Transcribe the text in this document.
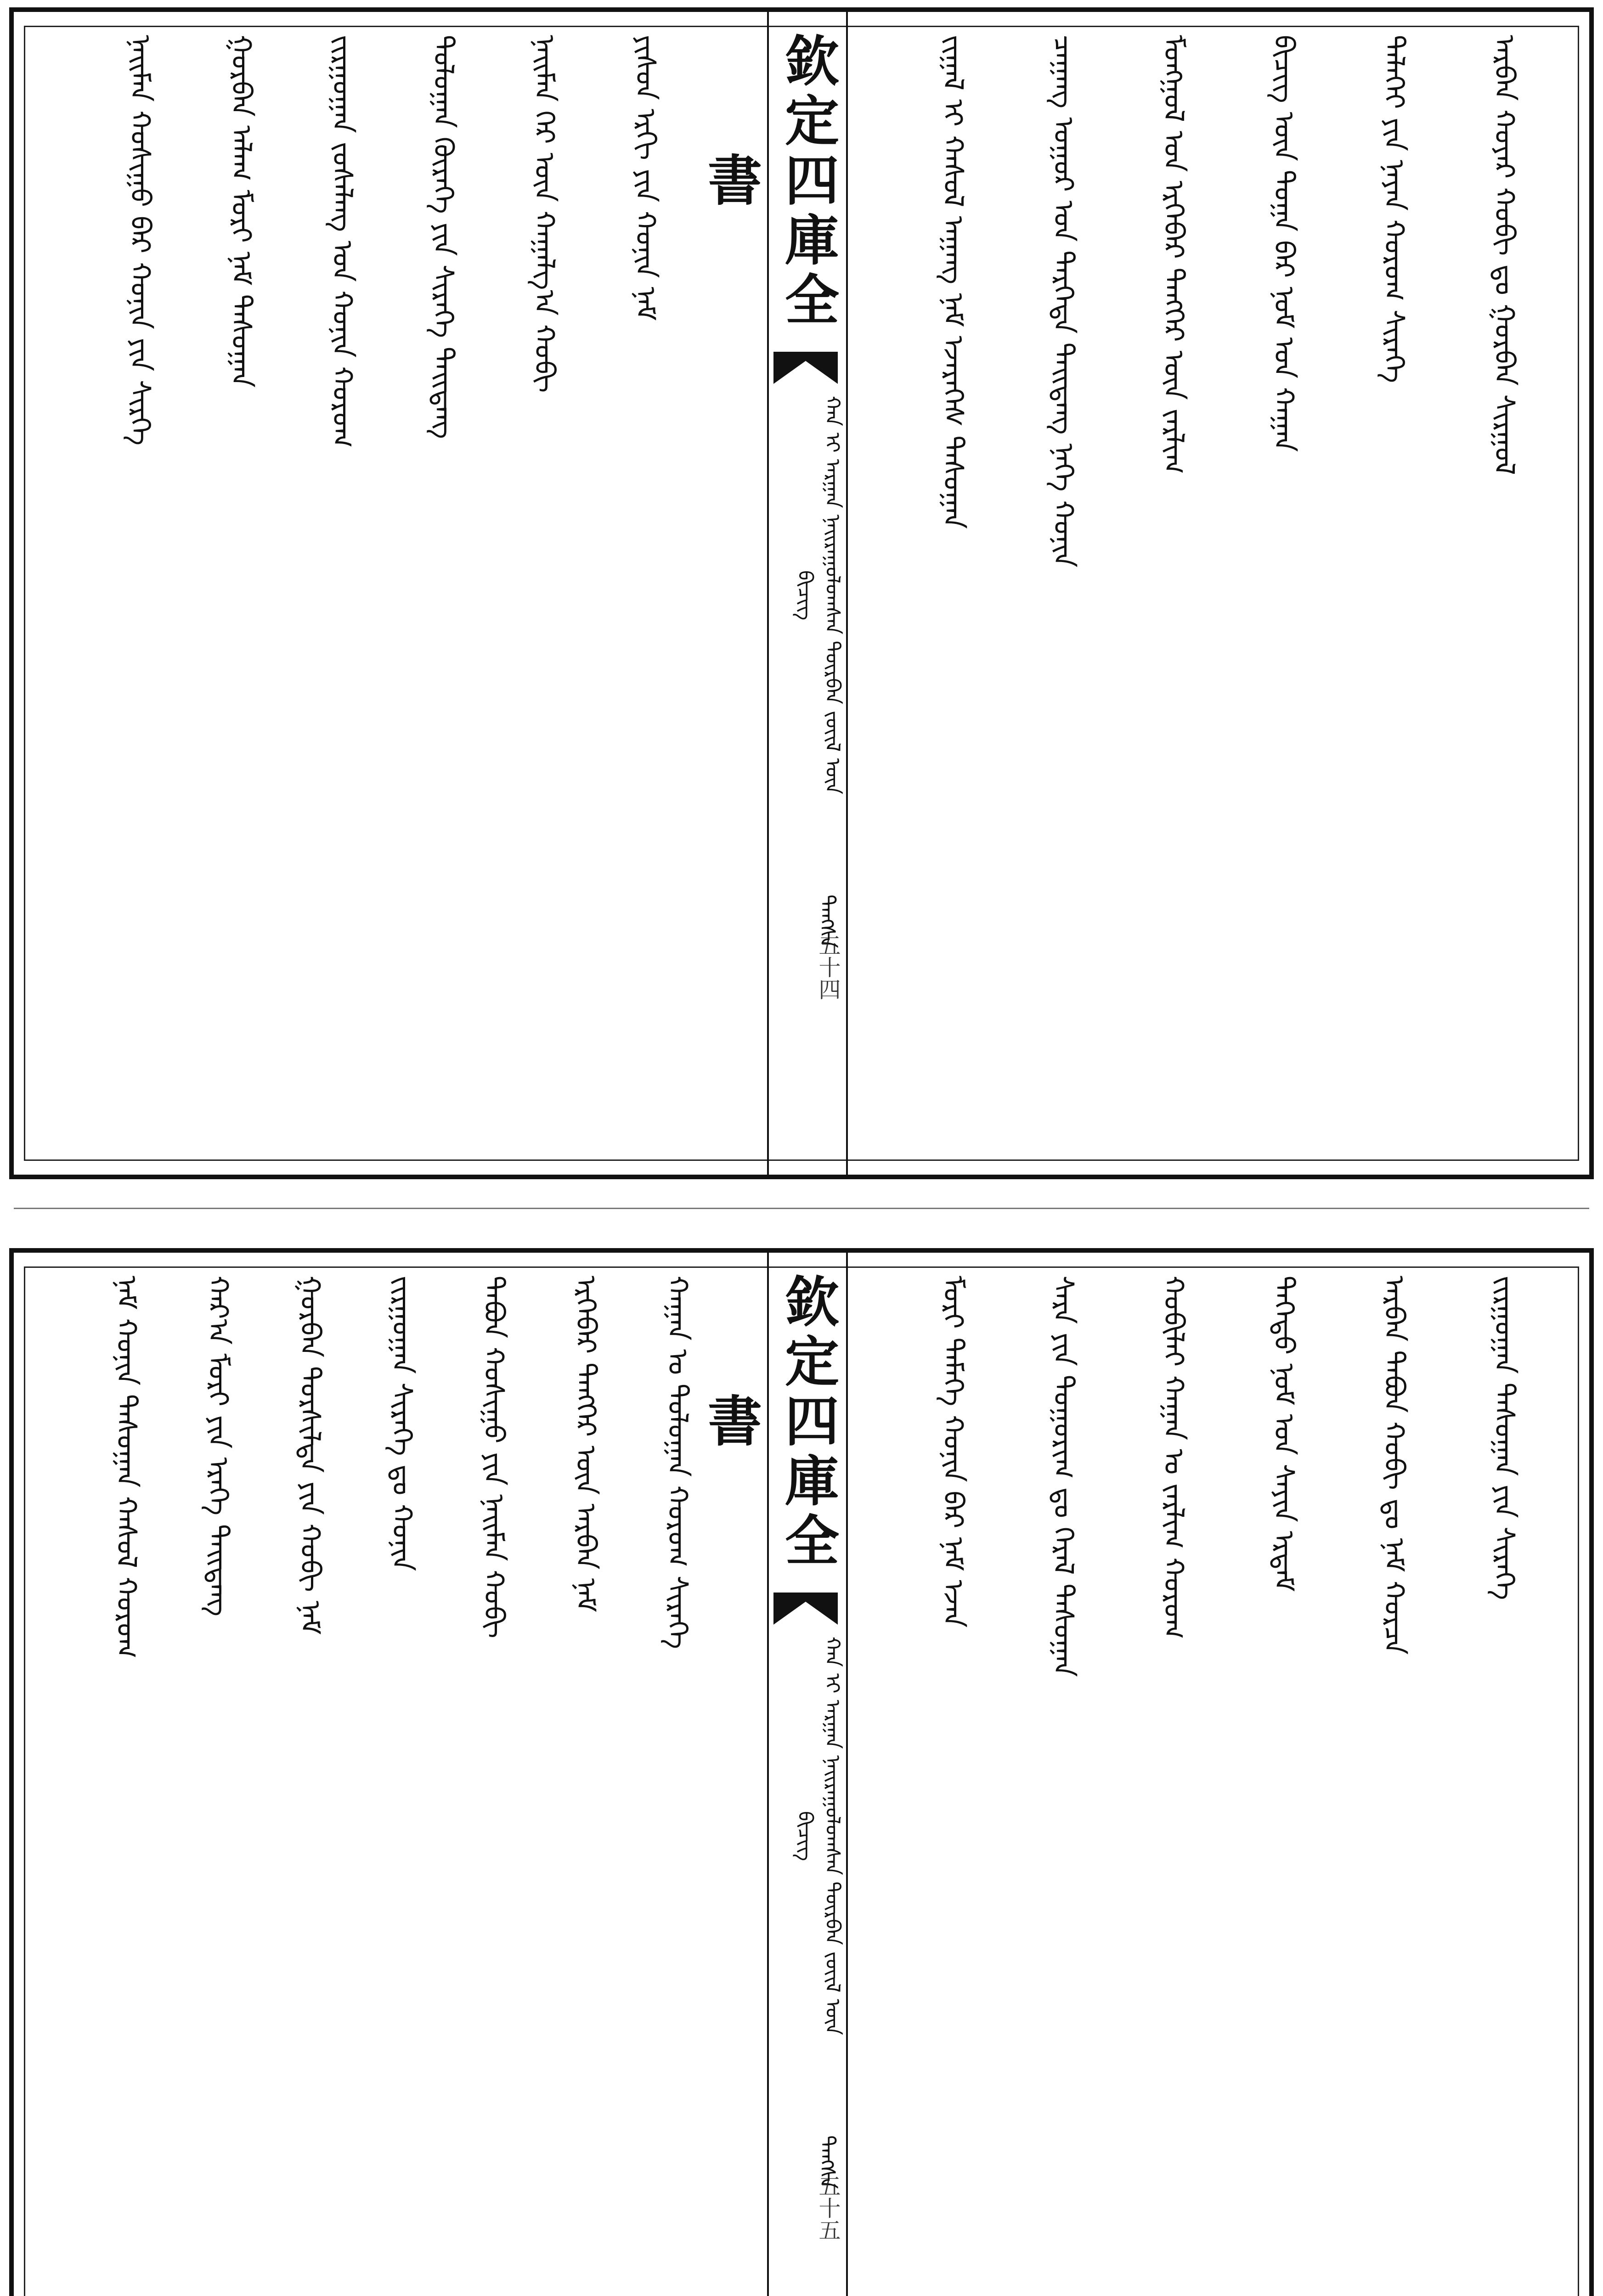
ᠨᠠᠢᠮᠠᠨ ᠬᠣᠰᠢᠭᠤ ᠪᠠᠷ ᠬᠣᠨᠢᠨ ᠶᠢᠨ ᠰᠢᠷᠭᠡ	ᠭᠤᠷᠪᠠᠨ ᠠᠯᠠᠭ ᠮᠣᠷᠢ ᠨᠠᠮ ᠳᠠᠰᠤᠭᠠᠨ	ᠵᠢᠷᠭᠤᠭᠠᠨ ᠵᠤᠰᠠᠯᠠᠩ ᠤᠨ ᠬᠣᠨᠢᠨ ᠬᠤᠷᠤᠭ	ᠳᠣᠯᠣᠭᠠᠨ ᠬᠦᠷᠡᠭᠡ ᠶᠢᠨ ᠰᠢᠷᠡᠭᠡ ᠳᠠᠢᠳᠠᠩ	ᠨᠠᠢᠮᠠᠨ ᠭᠡᠷ ᠦᠨ ᠬᠠᠭᠠᠯᠭ᠎ᠠ ᠬᠤᠪᠢ	ᠶᠢᠰᠦᠨ ᠡᠷᠬᠢ ᠶᠢᠨ ᠬᠣᠨᠢᠨ ᠨᠠᠮ	欽定四庫全書
ᠬᠠᠨ ᠢ ᠠᠷᠭᠠᠨ ᠨᠠᠢᠷᠠᠭᠤᠯᠤᠭᠰᠠᠨ ᠳᠥᠷᠪᠡᠨ ᠵᠦᠢᠯ ᠦᠨ ᠪᠢᠴᠢᠭ᠌
ᠳᠠᠩᠰᠠ
五十四
ᠵᠢᠭᠠᠯ ᠢ ᠬᠠᠰᠤᠯ ᠠᠭᠠᠩ ᠨᠠᠮ ᠡᠵᠡᠷᠡᠭᠡᠰ ᠳᠠᠰᠤᠭᠠᠨ	ᠴᠠᠭᠠᠩ ᠤᠭᠤᠷ ᠤᠨ ᠳᠡᠷᠭᠡᠳᠡ ᠳᠠᠢᠳᠠᠩ ᠨᠡᠭᠡ ᠬᠤᠨᠢᠨ	ᠮᠤᠩᠭᠣᠯ ᠤᠨ ᠡᠷᠭᠡᠪᠡᠷ ᠲᠡᠩᠭᠡᠷ ᠦᠨ ᠵᠠᠷᠯᠢᠭ	ᠪᠢᠴᠢᠭ᠌ ᠦᠨ ᠲᠣᠭᠠ ᠪᠡᠷ ᠨᠣᠮ ᠤᠨ ᠬᠠᠭᠠᠨ	ᠳᠡᠯᠡᠬᠡᠢ ᠶᠢᠨ ᠨᠠᠶᠠᠨ ᠬᠤᠷᠤᠭ ᠰᠢᠷᠡᠭᠡ	ᠠᠷᠪᠠᠨ ᠬᠣᠶᠠᠷ ᠬᠤᠪᠢ ᠳᠤ ᠭᠤᠷᠪᠠᠨ ᠰᠢᠷᠭᠤᠯ
ᠨᠠᠮ ᠬᠣᠨᠢᠨ ᠳᠠᠰᠤᠭᠠᠨ ᠬᠠᠰᠤᠯ ᠬᠤᠷᠤᠭ	ᠬᠠᠷ᠎ᠠ ᠮᠣᠷᠢ ᠶᠢᠨ ᠡᠷᠡᠭᠡ ᠳᠠᠢᠳᠠᠩ	ᠭᠤᠷᠪᠠᠨ ᠲᠤᠷᠰᠢᠯᠲᠠ ᠶᠢᠨ ᠬᠤᠪᠢ ᠨᠠᠮ	ᠵᠢᠷᠭᠤᠭᠠᠨ ᠰᠢᠷᠡᠭᠡ ᠳᠤ ᠬᠣᠨᠢᠨ	ᠲᠠᠪᠤᠨ ᠬᠣᠰᠢᠭᠤ ᠶᠢᠨ ᠨᠠᠢᠮᠠᠨ ᠬᠤᠪᠢ	ᠡᠷᠭᠡᠪᠡᠷ ᠲᠡᠩᠭᠡᠷ ᠦᠨ ᠠᠷᠪᠠᠨ ᠨᠠᠮ	ᠬᠠᠭᠠᠨ ᠤ ᠳᠣᠯᠣᠭᠠᠨ ᠬᠤᠷᠤᠭ ᠰᠢᠷᠡᠭᠡ	欽定四庫全書
ᠬᠠᠨ ᠢ ᠠᠷᠭᠠᠨ ᠨᠠᠢᠷᠠᠭᠤᠯᠤᠭᠰᠠᠨ ᠳᠥᠷᠪᠡᠨ ᠵᠦᠢᠯ ᠦᠨ ᠪᠢᠴᠢᠭ᠌
ᠳᠠᠩᠰᠠ
五十五
ᠮᠣᠷᠢ ᠲᠡᠮᠡᠭᠡ ᠬᠣᠨᠢᠨ ᠪᠠᠷ ᠨᠠᠮ ᠡᠵᠡᠨ	ᠰᠠᠷᠠ ᠶᠢᠨ ᠲᠣᠭᠣᠷᠢᠭ ᠳᠤ ᠭᠡᠷᠡᠯ ᠳᠠᠰᠤᠭᠠᠨ	ᠬᠤᠪᠢᠯᠠᠢ ᠬᠠᠭᠠᠨ ᠤ ᠵᠠᠷᠯᠢᠭ ᠬᠤᠷᠤᠭ	ᠳᠡᠭᠡᠳᠦ ᠨᠣᠮ ᠤᠨ ᠰᠠᠶᠢᠨ ᠡᠷᠳᠡᠮ	ᠠᠷᠪᠠᠨ ᠲᠠᠪᠤᠨ ᠬᠤᠪᠢ ᠳᠤ ᠨᠠᠮ ᠬᠤᠷᠴᠠ	ᠵᠢᠷᠭᠤᠭᠠᠨ ᠲᠠᠰᠤᠭᠠᠨ ᠶᠢᠨ ᠰᠢᠷᠡᠭᠡ
